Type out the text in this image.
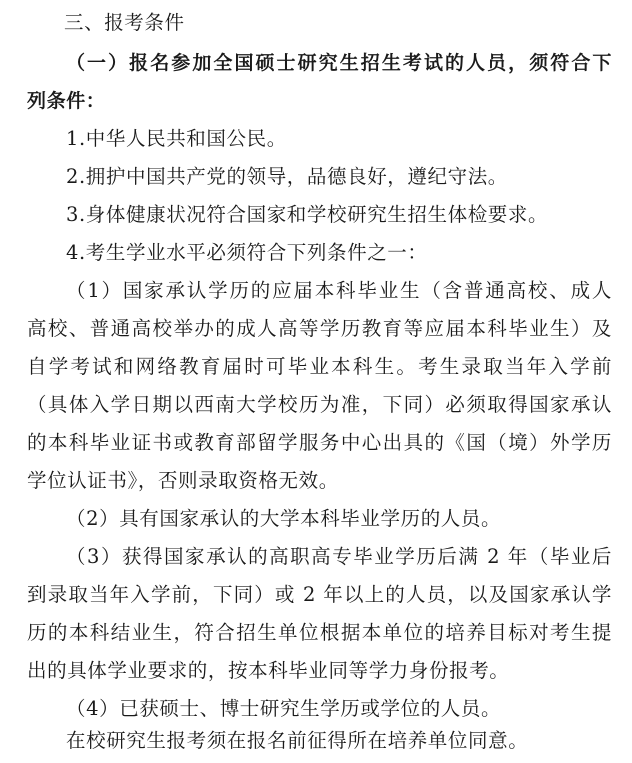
三、报考条件
（一）报名参加全国硕士研究生招生考试的人员，须符合下
列条件：
1.中华人民共和国公民。
2.拥护中国共产党的领导，品德良好，遵纪守法。
3.身体健康状况符合国家和学校研究生招生体检要求。
4.考生学业水平必须符合下列条件之一：
（1）国家承认学历的应届本科毕业生（含普通高校、成人
高校、普通高校举办的成人高等学历教育等应届本科毕业生）及
自学考试和网络教育届时可毕业本科生。考生录取当年入学前
（具体入学日期以西南大学校历为准，下同）必须取得国家承认
的本科毕业证书或教育部留学服务中心出具的《国（境）外学历
学位认证书》，否则录取资格无效。
（2）具有国家承认的大学本科毕业学历的人员。
（3）获得国家承认的高职高专毕业学历后满 2 年（毕业后
到录取当年入学前，下同）或 2 年以上的人员，以及国家承认学
历的本科结业生，符合招生单位根据本单位的培养目标对考生提
出的具体学业要求的，按本科毕业同等学力身份报考。
（4）已获硕士、博士研究生学历或学位的人员。
在校研究生报考须在报名前征得所在培养单位同意。
